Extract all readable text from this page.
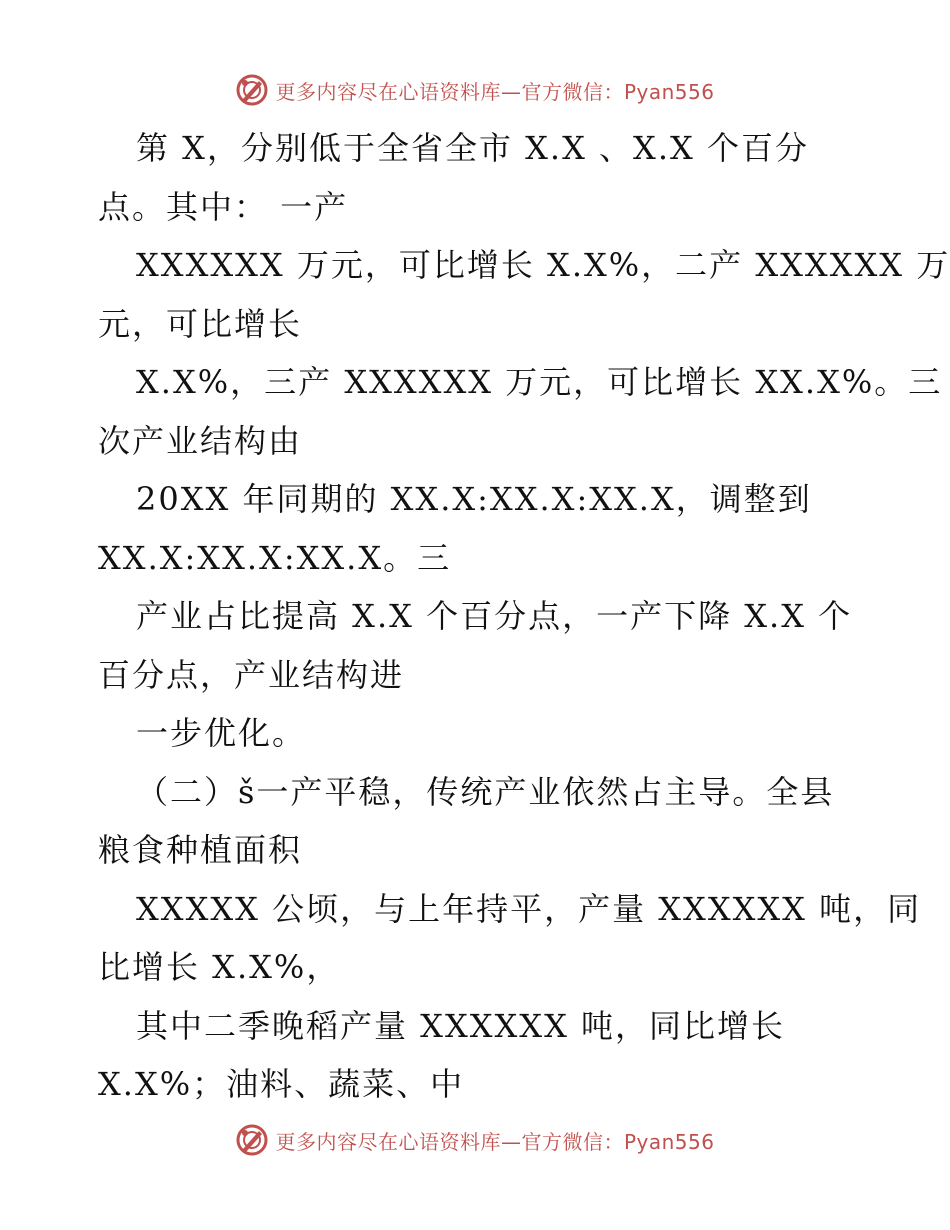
更多内容尽在心语资料库—官方微信：Pyan556
第 X，分别低于全省全市 X.X 、X.X 个百分
点。其中： 一产
XXXXXX 万元，可比增长 X.X%，二产 XXXXXX 万
元，可比增长
X.X%，三产 XXXXXX 万元，可比增长 XX.X%。三
次产业结构由
20XX 年同期的 XX.X:XX.X:XX.X，调整到
XX.X:XX.X:XX.X。三
产业占比提高 X.X 个百分点，一产下降 X.X 个
百分点，产业结构进
一步优化。
（二）š一产平稳，传统产业依然占主导。全县
粮食种植面积
XXXXX 公顷，与上年持平，产量 XXXXXX 吨，同
比增长 X.X%，
其中二季晚稻产量 XXXXXX 吨，同比增长
X.X%；油料、蔬菜、中
更多内容尽在心语资料库—官方微信：Pyan556
